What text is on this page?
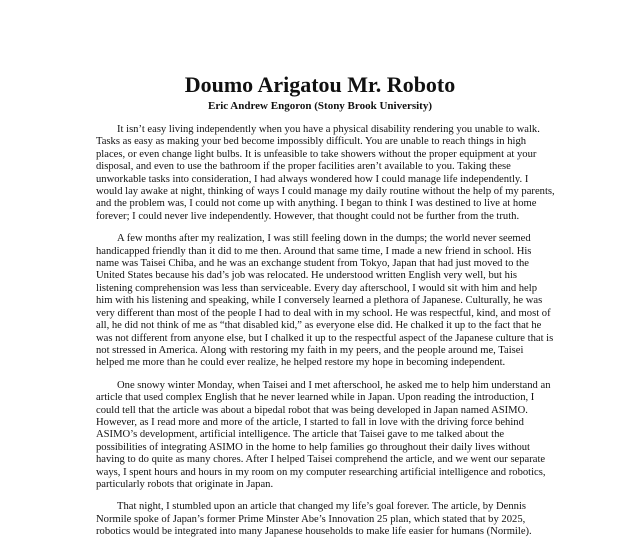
Doumo Arigatou Mr. Roboto
Eric Andrew Engoron (Stony Brook University)
It isn’t easy living independently when you have a physical disability rendering you unable to walk.
Tasks as easy as making your bed become impossibly difficult. You are unable to reach things in high
places, or even change light bulbs. It is unfeasible to take showers without the proper equipment at your
disposal, and even to use the bathroom if the proper facilities aren’t available to you. Taking these
unworkable tasks into consideration, I had always wondered how I could manage life independently. I
would lay awake at night, thinking of ways I could manage my daily routine without the help of my parents,
and the problem was, I could not come up with anything. I began to think I was destined to live at home
forever; I could never live independently. However, that thought could not be further from the truth.
A few months after my realization, I was still feeling down in the dumps; the world never seemed
handicapped friendly than it did to me then. Around that same time, I made a new friend in school. His
name was Taisei Chiba, and he was an exchange student from Tokyo, Japan that had just moved to the
United States because his dad’s job was relocated. He understood written English very well, but his
listening comprehension was less than serviceable. Every day afterschool, I would sit with him and help
him with his listening and speaking, while I conversely learned a plethora of Japanese. Culturally, he was
very different than most of the people I had to deal with in my school. He was respectful, kind, and most of
all, he did not think of me as “that disabled kid,” as everyone else did. He chalked it up to the fact that he
was not different from anyone else, but I chalked it up to the respectful aspect of the Japanese culture that is
not stressed in America. Along with restoring my faith in my peers, and the people around me, Taisei
helped me more than he could ever realize, he helped restore my hope in becoming independent.
One snowy winter Monday, when Taisei and I met afterschool, he asked me to help him understand an
article that used complex English that he never learned while in Japan. Upon reading the introduction, I
could tell that the article was about a bipedal robot that was being developed in Japan named ASIMO.
However, as I read more and more of the article, I started to fall in love with the driving force behind
ASIMO’s development, artificial intelligence. The article that Taisei gave to me talked about the
possibilities of integrating ASIMO in the home to help families go throughout their daily lives without
having to do quite as many chores. After I helped Taisei comprehend the article, and we went our separate
ways, I spent hours and hours in my room on my computer researching artificial intelligence and robotics,
particularly robots that originate in Japan.
That night, I stumbled upon an article that changed my life’s goal forever. The article, by Dennis
Normile spoke of Japan’s former Prime Minster Abe’s Innovation 25 plan, which stated that by 2025,
robotics would be integrated into many Japanese households to make life easier for humans (Normile).
